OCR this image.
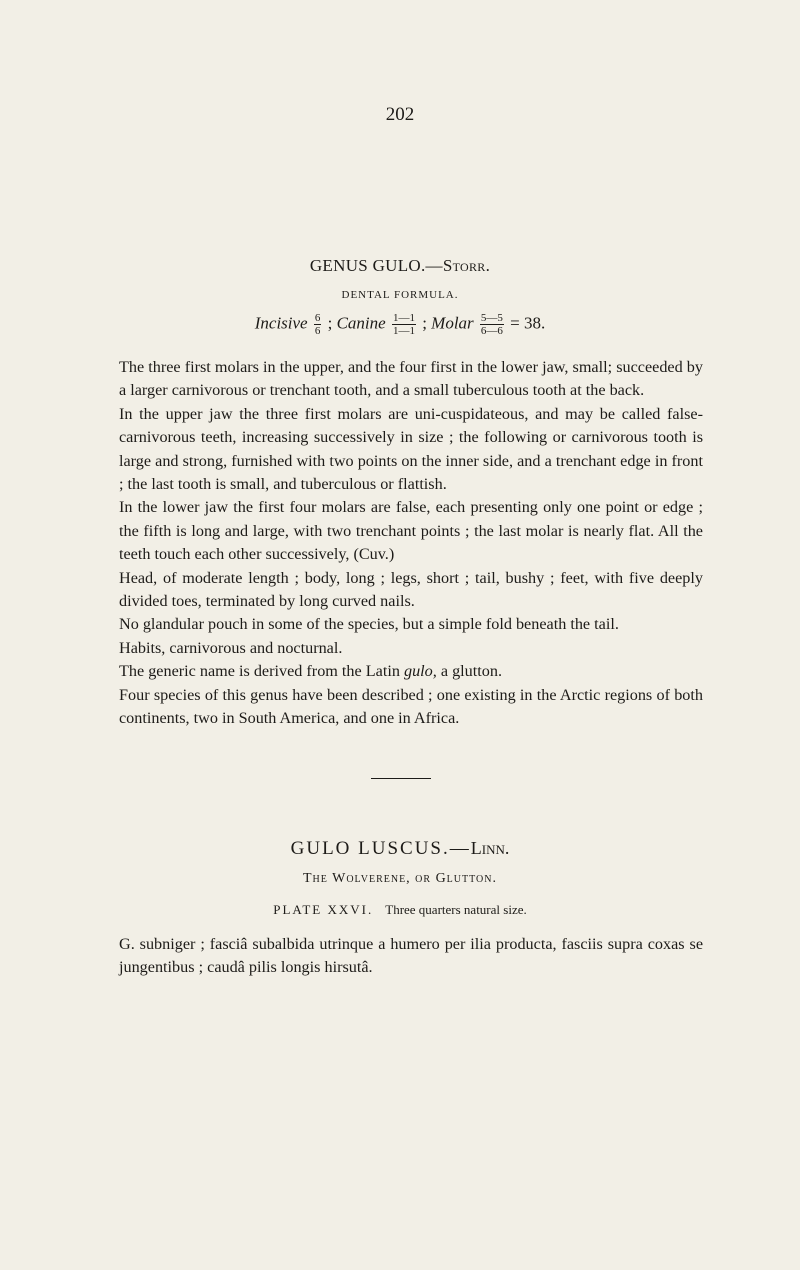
202
GENUS GULO.—Storr.
DENTAL FORMULA.
Incisive $\frac{6}{6}$ ; Canine $\frac{1—1}{1—1}$ ; Molar $\frac{5—5}{6—6} = 38$.

The three first molars in the upper, and the four first in the lower jaw, small; succeeded by a larger carnivorous or trenchant tooth, and a small tuberculous tooth at the back.

In the upper jaw the three first molars are uni-cuspidateous, and may be called false-carnivorous teeth, increasing successively in size ; the following or carnivorous tooth is large and strong, furnished with two points on the inner side, and a trenchant edge in front ; the last tooth is small, and tuberculous or flattish.

In the lower jaw the first four molars are false, each presenting only one point or edge ; the fifth is long and large, with two trenchant points ; the last molar is nearly flat. All the teeth touch each other successively, (Cuv.)

Head, of moderate length ; body, long ; legs, short ; tail, bushy ; feet, with five deeply divided toes, terminated by long curved nails.

No glandular pouch in some of the species, but a simple fold beneath the tail.

Habits, carnivorous and nocturnal.

The generic name is derived from the Latin gulo, a glutton.

Four species of this genus have been described ; one existing in the Arctic regions of both continents, two in South America, and one in Africa.

GULO LUSCUS.—Linn.
The Wolverene, or Glutton.
PLATE XXVI. Three quarters natural size.
G. subniger ; fasciâ subalbida utrinque a humero per ilia producta, fasciis supra coxas se jungentibus ; caudâ pilis longis hirsutâ.
